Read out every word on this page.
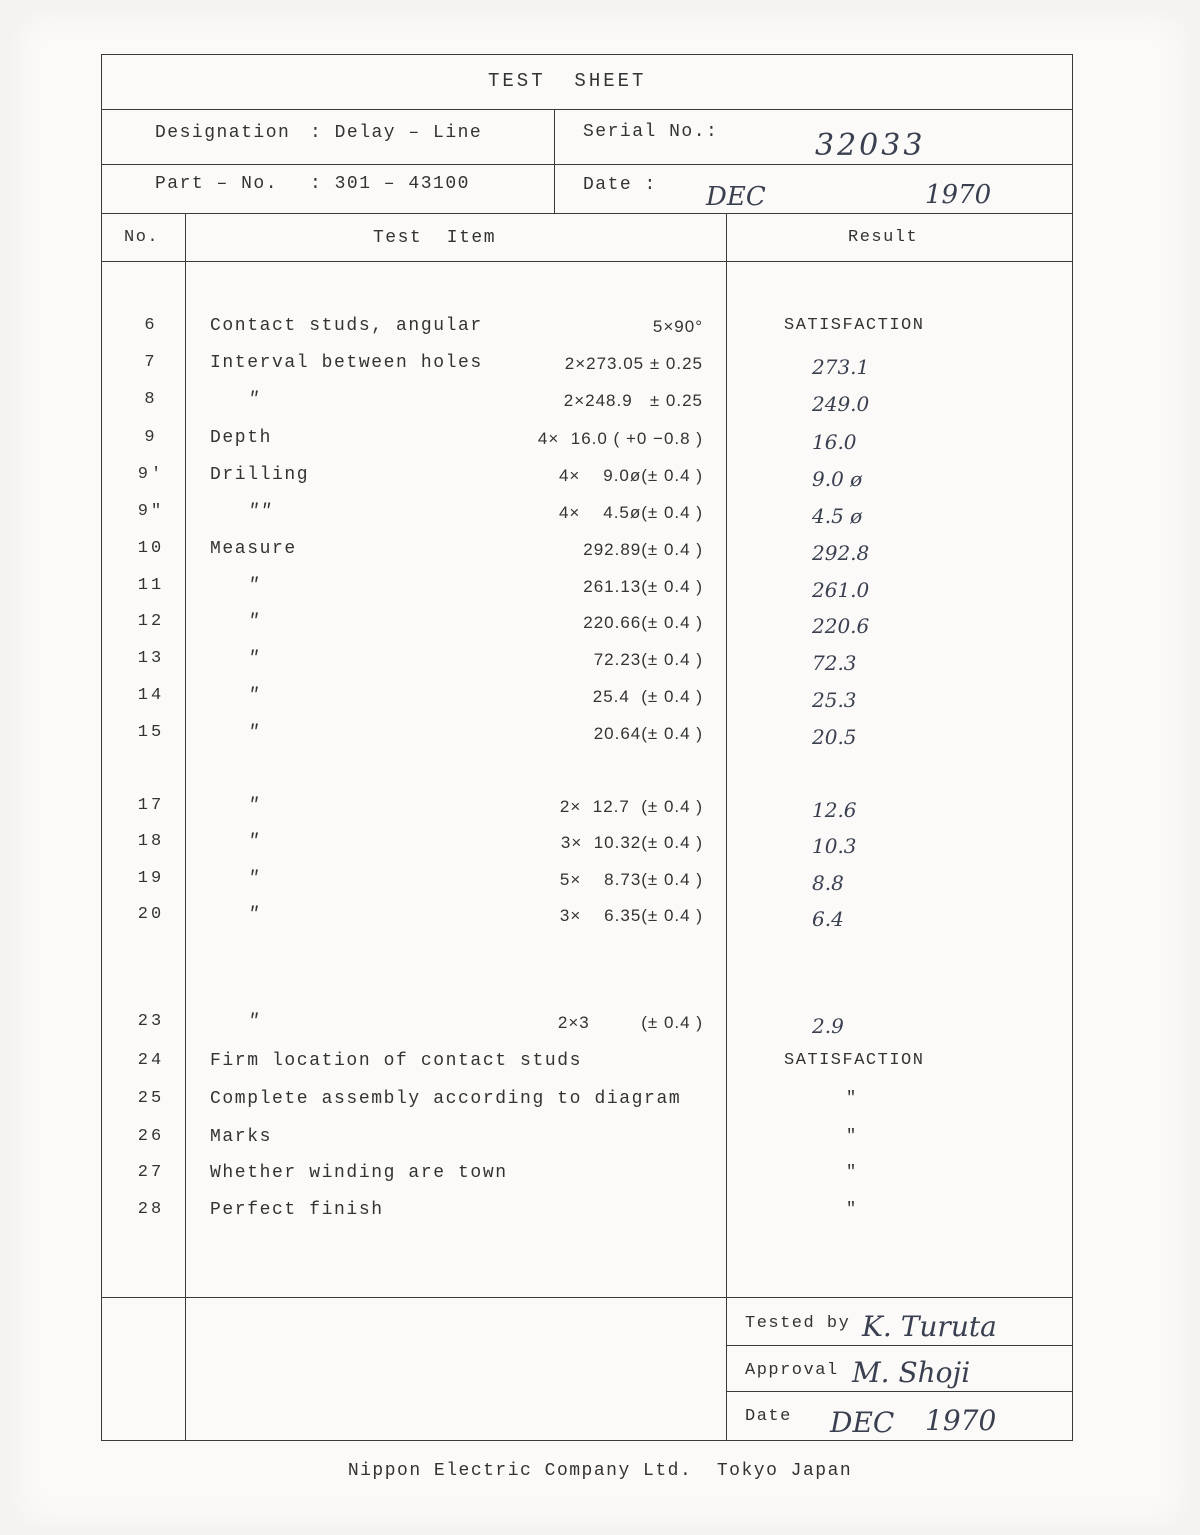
TEST  SHEET
Designation : Delay – Line	Serial No.:	32033
Part – No. : 301 – 43100	Date : DEC	1970
No.	Test  Item	Result
6	Contact studs, angular	5×90°	SATISFACTION
7	Interval between holes	2×273.05 ± 0.25	273.1
8	″	2×248.9   ± 0.25	249.0
9	Depth	4×  16.0 ( +0 −0.8 )	16.0
9′	Drilling	4×    9.0ø(± 0.4 )	9.0 ø
9″	″″	4×    4.5ø(± 0.4 )	4.5 ø
10	Measure	292.89(± 0.4 )	292.8
11	″	261.13(± 0.4 )	261.0
12	″	220.66(± 0.4 )	220.6
13	″	72.23(± 0.4 )	72.3
14	″	25.4  (± 0.4 )	25.3
15	″	20.64(± 0.4 )	20.5
17	″	2×  12.7  (± 0.4 )	12.6
18	″	3×  10.32(± 0.4 )	10.3
19	″	5×    8.73(± 0.4 )	8.8
20	″	3×    6.35(± 0.4 )	6.4
23	″	2×3         (± 0.4 )	2.9
24	Firm location of contact studs	SATISFACTION
25	Complete assembly according to diagram	″
26	Marks	″
27	Whether winding are town	″
28	Perfect finish	″
Tested by K. Turuta
Approval M. Shoji
Date DEC 1970
Nippon Electric Company Ltd.  Tokyo Japan
